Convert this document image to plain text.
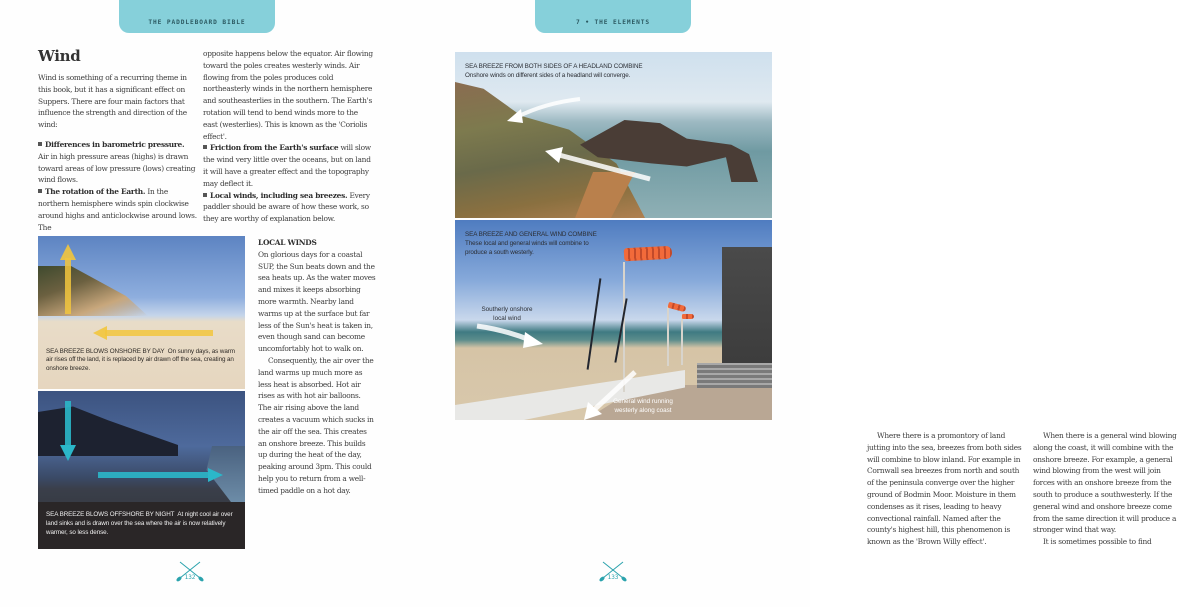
THE PADDLEBOARD BIBLE
Wind

Wind is something of a recurring theme in this book, but it has a significant effect on Suppers. There are four main factors that influence the strength and direction of the wind:

Differences in barometric pressure.
Air in high pressure areas (highs) is drawn toward areas of low pressure (lows) creating wind flows.

The rotation of the Earth. In the northern hemisphere winds spin clockwise around highs and anticlockwise around lows. The

opposite happens below the equator. Air flowing toward the poles creates westerly winds. Air flowing from the poles produces cold northeasterly winds in the northern hemisphere and southeasterlies in the southern. The Earth's rotation will tend to bend winds more to the east (westerlies). This is known as the 'Coriolis effect'.

Friction from the Earth's surface will slow the wind very little over the oceans, but on land it will have a greater effect and the topography may deflect it.

Local winds, including sea breezes. Every paddler should be aware of how these work, so they are worthy of explanation below.

SEA BREEZE BLOWS ONSHORE BY DAY On sunny days, as warm air rises off the land, it is replaced by air drawn off the sea, creating an onshore breeze.
SEA BREEZE BLOWS OFFSHORE BY NIGHT At night cool air over land sinks and is drawn over the sea where the air is now relatively warmer, so less dense.

LOCAL WINDS

On glorious days for a coastal SUP, the Sun beats down and the sea heats up. As the water moves and mixes it keeps absorbing more warmth. Nearby land warms up at the surface but far less of the Sun's heat is taken in, even though sand can become uncomfortably hot to walk on.

Consequently, the air over the land warms up much more as less heat is absorbed. Hot air rises as with hot air balloons. The air rising above the land creates a vacuum which sucks in the air off the sea. This creates an onshore breeze. This builds up during the heat of the day, peaking around 3pm. This could help you to return from a well-timed paddle on a hot day.

132
7 • THE ELEMENTS
SEA BREEZE FROM BOTH SIDES OF A HEADLAND COMBINE
Onshore winds on different sides of a headland will converge.
SEA BREEZE AND GENERAL WIND COMBINE
These local and general winds will combine to produce a south westerly.
Southerly onshore local wind
General wind running westerly along coast

Where there is a promontory of land jutting into the sea, breezes from both sides will combine to blow inland. For example in Cornwall sea breezes from north and south of the peninsula converge over the higher ground of Bodmin Moor. Moisture in them condenses as it rises, leading to heavy convectional rainfall. Named after the county's highest hill, this phenomenon is known as the 'Brown Willy effect'.

When there is a general wind blowing along the coast, it will combine with the onshore breeze. For example, a general wind blowing from the west will join forces with an onshore breeze from the south to produce a southwesterly. If the general wind and onshore breeze come from the same direction it will produce a stronger wind that way.

It is sometimes possible to find

133
